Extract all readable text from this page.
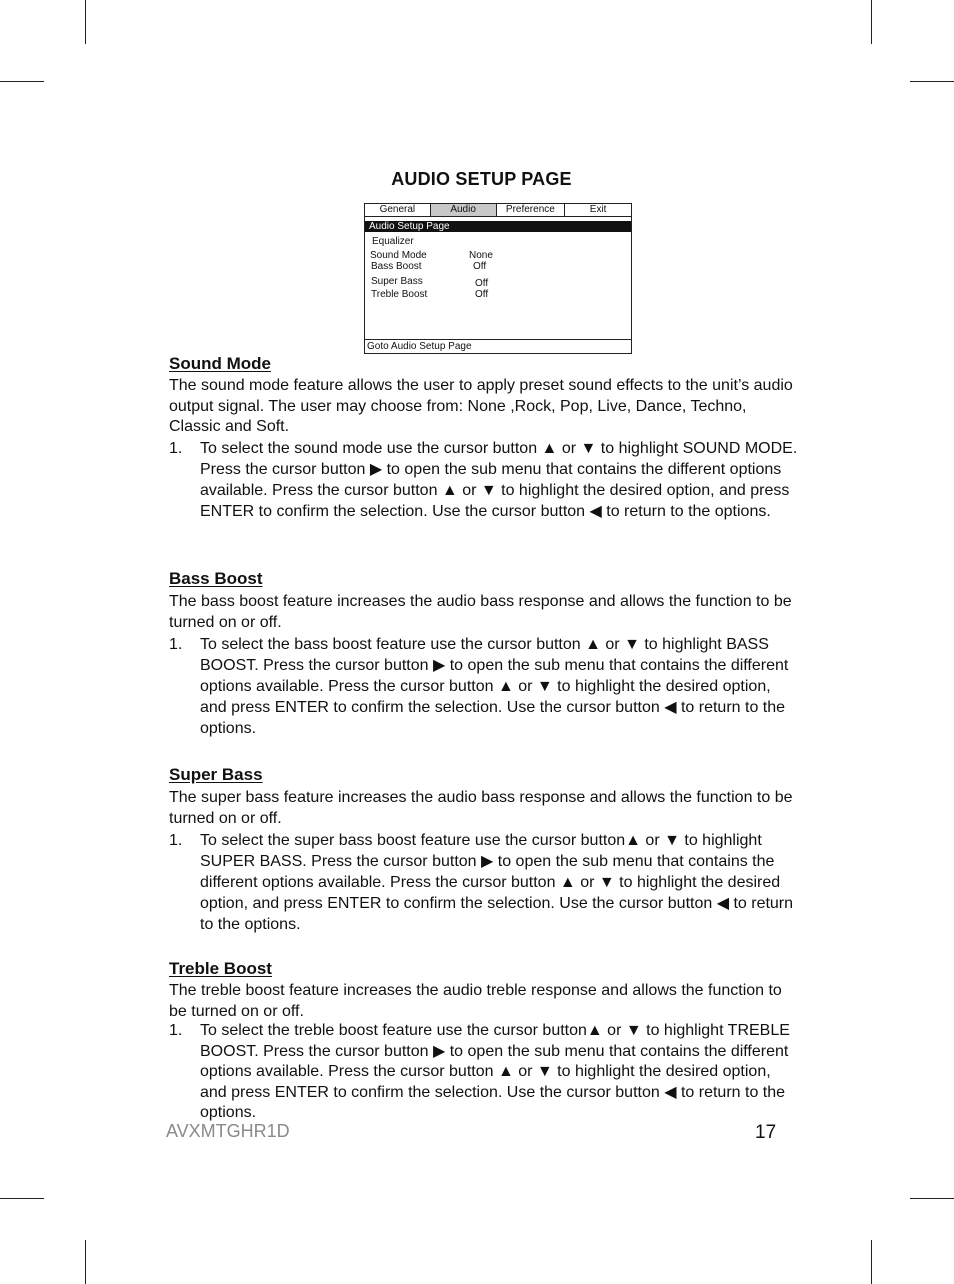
AUDIO SETUP PAGE
General	Audio	Preference	Exit
Audio Setup Page
Equalizer
Sound Mode	None
Bass Boost	Off
Super Bass	Off
Treble Boost	Off
Goto Audio Setup Page
Sound Mode
The sound mode feature allows the user to apply preset sound effects to the unit’s audio output signal. The user may choose from: None ,Rock, Pop, Live, Dance, Techno, Classic and Soft.
1. To select the sound mode use the cursor button ▲ or ▼ to highlight SOUND MODE. Press the cursor button ▶ to open the sub menu that contains the different options available. Press the cursor button ▲ or ▼ to highlight the desired option, and press ENTER to confirm the selection. Use the cursor button ◀ to return to the options.
Bass Boost
The bass boost feature increases the audio bass response and allows the function to be turned on or off.
1. To select the bass boost feature use the cursor button ▲ or ▼ to highlight BASS BOOST. Press the cursor button ▶ to open the sub menu that contains the different options available. Press the cursor button ▲ or ▼ to highlight the desired option, and press ENTER to confirm the selection. Use the cursor button ◀ to return to the options.
Super Bass
The super bass feature increases the audio bass response and allows the function to be turned on or off.
1. To select the super bass boost feature use the cursor button▲ or ▼ to highlight SUPER BASS. Press the cursor button ▶ to open the sub menu that contains the different options available. Press the cursor button ▲ or ▼ to highlight the desired option, and press ENTER to confirm the selection. Use the cursor button ◀ to return to the options.
Treble Boost
The treble boost feature increases the audio treble response and allows the function to be turned on or off.
1. To select the treble boost feature use the cursor button▲ or ▼ to highlight TREBLE BOOST. Press the cursor button ▶ to open the sub menu that contains the different options available. Press the cursor button ▲ or ▼ to highlight the desired option, and press ENTER to confirm the selection. Use the cursor button ◀ to return to the options.
AVXMTGHR1D	17
